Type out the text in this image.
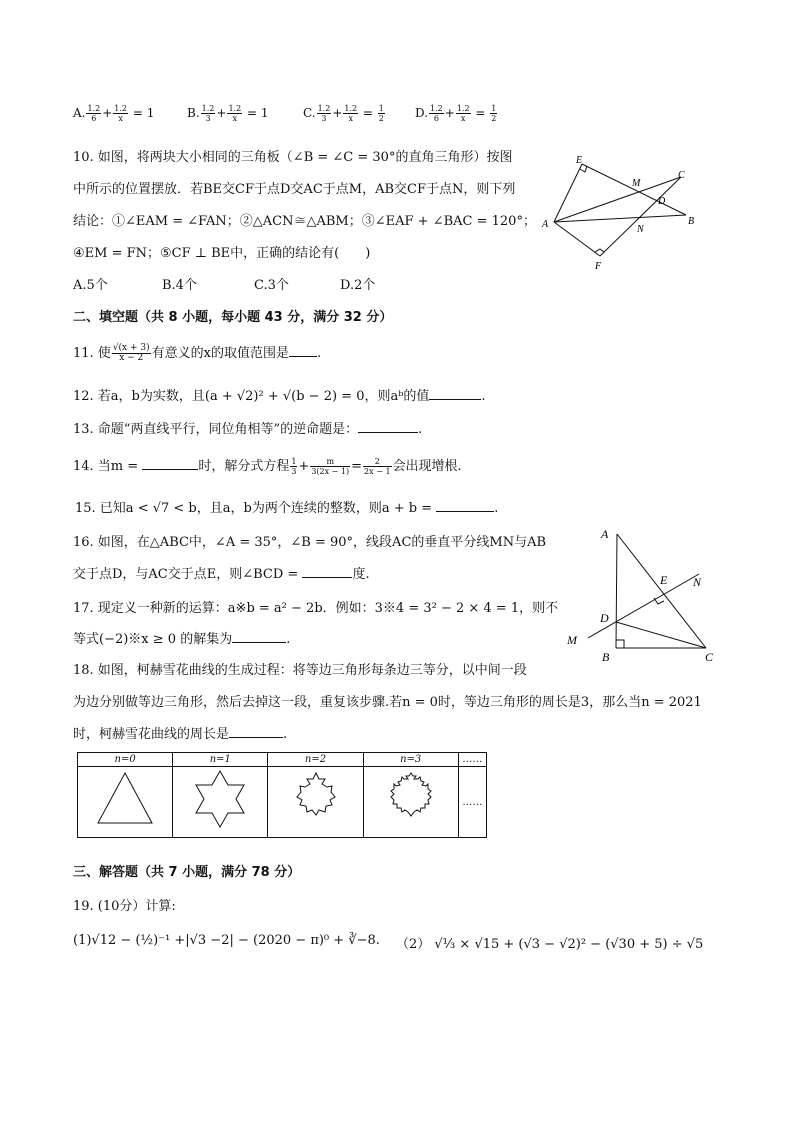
A. $\frac{1.2}{6} + \frac{1.2}{x} = 1$	B. $\frac{1.2}{3} + \frac{1.2}{x} = 1$	C. $\frac{1.2}{3} + \frac{1.2}{x} = \frac{1}{2}$	D. $\frac{1.2}{6} + \frac{1.2}{x} = \frac{1}{2}$
10. 如图，将两块大小相同的三角板（∠B = ∠C = 30°的直角三角形）按图
中所示的位置摆放．若BE交CF于点D交AC于点M，AB交CF于点N，则下列
结论：①∠EAM = ∠FAN；②△ACN≅△ABM；③∠EAF + ∠BAC = 120°；
④EM = FN；⑤CF ⊥ BE中，正确的结论有(　　)
A.5个	B.4个	C.3个	D.2个
E
M
C
D
A	B
N
F
二、填空题（共 8 小题，每小题 43 分，满分 32 分）
11. 使 $\frac{√(x + 3)}{x - 2}$ 有意义的x的取值范围是 .
12. 若a，b为实数，且(a + √2)² + √(b − 2) = 0，则aᵇ的值	.
13. 命题“两直线平行，同位角相等”的逆命题是：	.
14. 当m =	时，解分式方程 $\frac{1}{3} + \frac{m}{3(2x - 1)} = \frac{2}{2x - 1}$ 会出现增根.
15. 已知a < √7 < b，且a，b为两个连续的整数，则a + b =	.
16. 如图，在△ABC中，∠A = 35°，∠B = 90°，线段AC的垂直平分线MN与AB
交于点D，与AC交于点E，则∠BCD =	度.
A
E N
D
M
B	C
17. 现定义一种新的运算：a※b = a² − 2b．例如：3※4 = 3² − 2 × 4 = 1，则不
等式(−2)※x ≥ 0 的解集为	.
18. 如图，柯赫雪花曲线的生成过程：将等边三角形每条边三等分，以中间一段
为边分别做等边三角形，然后去掉这一段，重复该步骤.若n = 0时，等边三角形的周长是3，那么当n = 2021
时，柯赫雪花曲线的周长是	.
n=0	n=1	n=2	n=3	……
				……
三、解答题（共 7 小题，满分 78 分）
19. (10分）计算:
(1)√12 − (½)⁻¹ +|√3 −2| − (2020 − π)⁰ + ∛−8. （2） √⅓ × √15 + (√3 − √2)² − (√30 + 5) ÷ √5
